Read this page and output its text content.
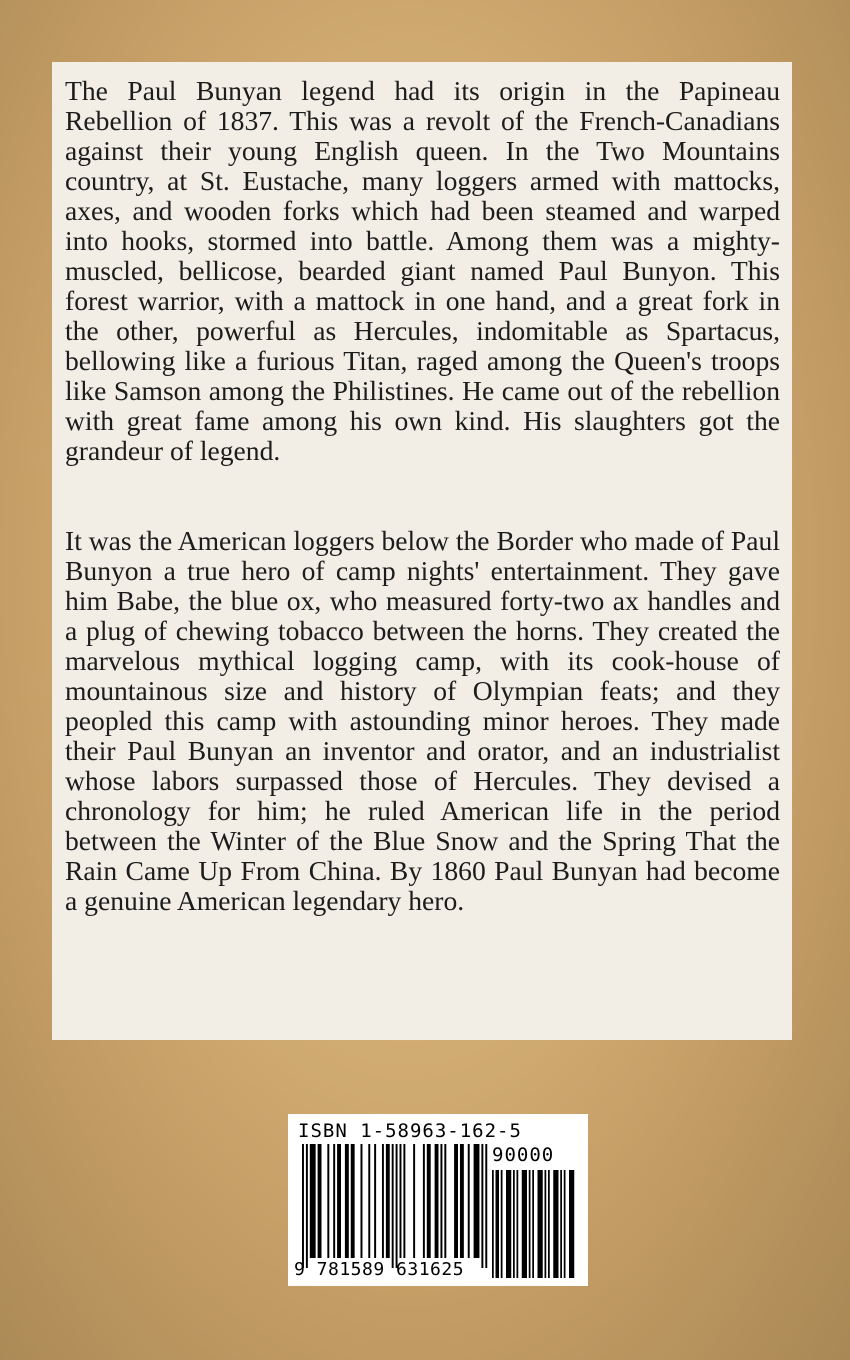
The Paul Bunyan legend had its origin in the Papineau Rebellion of 1837. This was a revolt of the French-Canadians against their young English queen. In the Two Mountains country, at St. Eustache, many loggers armed with mattocks, axes, and wooden forks which had been steamed and warped into hooks, stormed into battle. Among them was a mighty-muscled, bellicose, bearded giant named Paul Bunyon. This forest warrior, with a mattock in one hand, and a great fork in the other, powerful as Hercules, indomitable as Spartacus, bellowing like a furious Titan, raged among the Queen's troops like Samson among the Philistines. He came out of the rebellion with great fame among his own kind. His slaughters got the grandeur of legend.

It was the American loggers below the Border who made of Paul Bunyon a true hero of camp nights' entertainment. They gave him Babe, the blue ox, who measured forty-two ax handles and a plug of chewing tobacco between the horns. They created the marvelous mythical logging camp, with its cook-house of mountainous size and history of Olympian feats; and they peopled this camp with astounding minor heroes. They made their Paul Bunyan an inventor and orator, and an industrialist whose labors surpassed those of Hercules. They devised a chronology for him; he ruled American life in the period between the Winter of the Blue Snow and the Spring That the Rain Came Up From China. By 1860 Paul Bunyan had become a genuine American legendary hero.

ISBN 1-58963-162-5
90000
9 781589 631625
